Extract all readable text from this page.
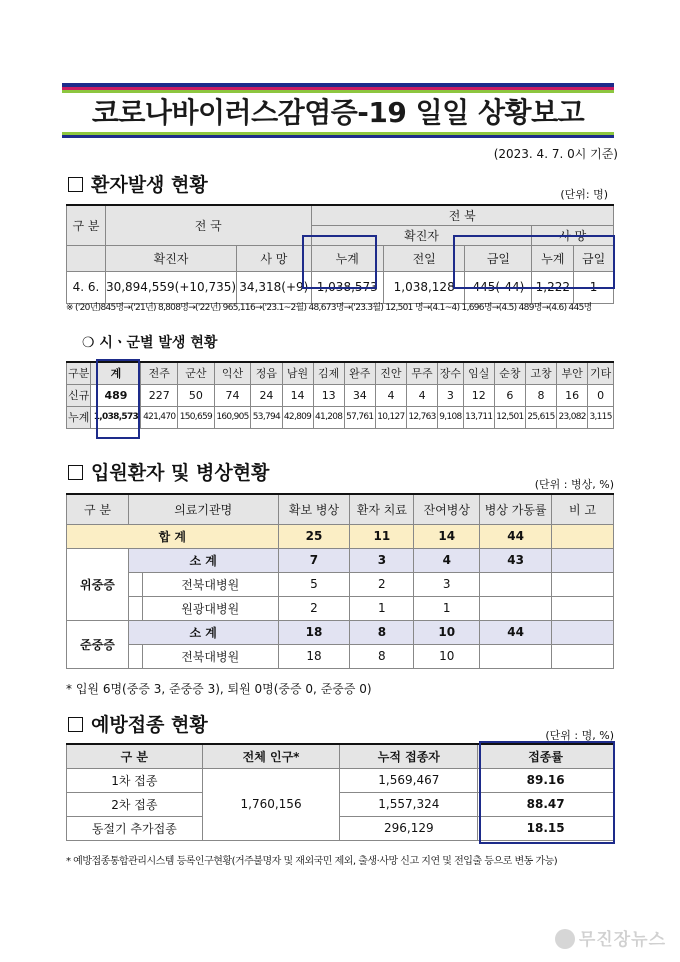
코로나바이러스감염증-19 일일 상황보고
(2023. 4. 7. 0시 기준)
환자발생 현황	(단위: 명)
구 분	전 국		전 북				
			확진자			사 망	
	확진자	사 망	누계	전일	금일	누계	금일
4. 6.	30,894,559(+10,735)	34,318(+9)	1,038,573	1,038,128	445(-44)	1,222	1
※ ('20년)845명→('21년) 8,808명→('22년) 965,116→('23.1~2월) 48,673명→('23.3월) 12,501 명→(4.1~4) 1,696명→(4.5) 489명→(4.6) 445명
❍ 시ㆍ군별 발생 현황
구분	계	전주	군산	익산	정읍	남원	김제	완주	진안	무주	장수	임실	순창	고창	부안	기타
신규	489	227	50	74	24	14	13	34	4	4	3	12	6	8	16	0
누계	1,038,573	421,470	150,659	160,905	53,794	42,809	41,208	57,761	10,127	12,763	9,108	13,711	12,501	25,615	23,082	3,115
입원환자 및 병상현황
(단위 : 병상, %)
구 분	의료기관명		확보 병상	환자 치료	잔여병상	병상 가동률	비 고
합 계			25	11	14	44	
위중증	소 계		7	3	4	43	
		전북대병원	5	2	3		
		원광대병원	2	1	1		
준중증	소 계		18	8	10	44	
		전북대병원	18	8	10		
* 입원 6명(중증 3, 준중증 3), 퇴원 0명(중증 0, 준중증 0)
예방접종 현황	(단위 : 명, %)
구 분	전체 인구*	누적 접종자	접종률
1차 접종	1,760,156	1,569,467	89.16
2차 접종		1,557,324	88.47
동절기 추가접종		296,129	18.15
* 예방접종통합관리시스템 등록인구현황(거주불명자 및 재외국민 제외, 출생·사망 신고 지연 및 전입출 등으로 변동 가능)
무진장뉴스
